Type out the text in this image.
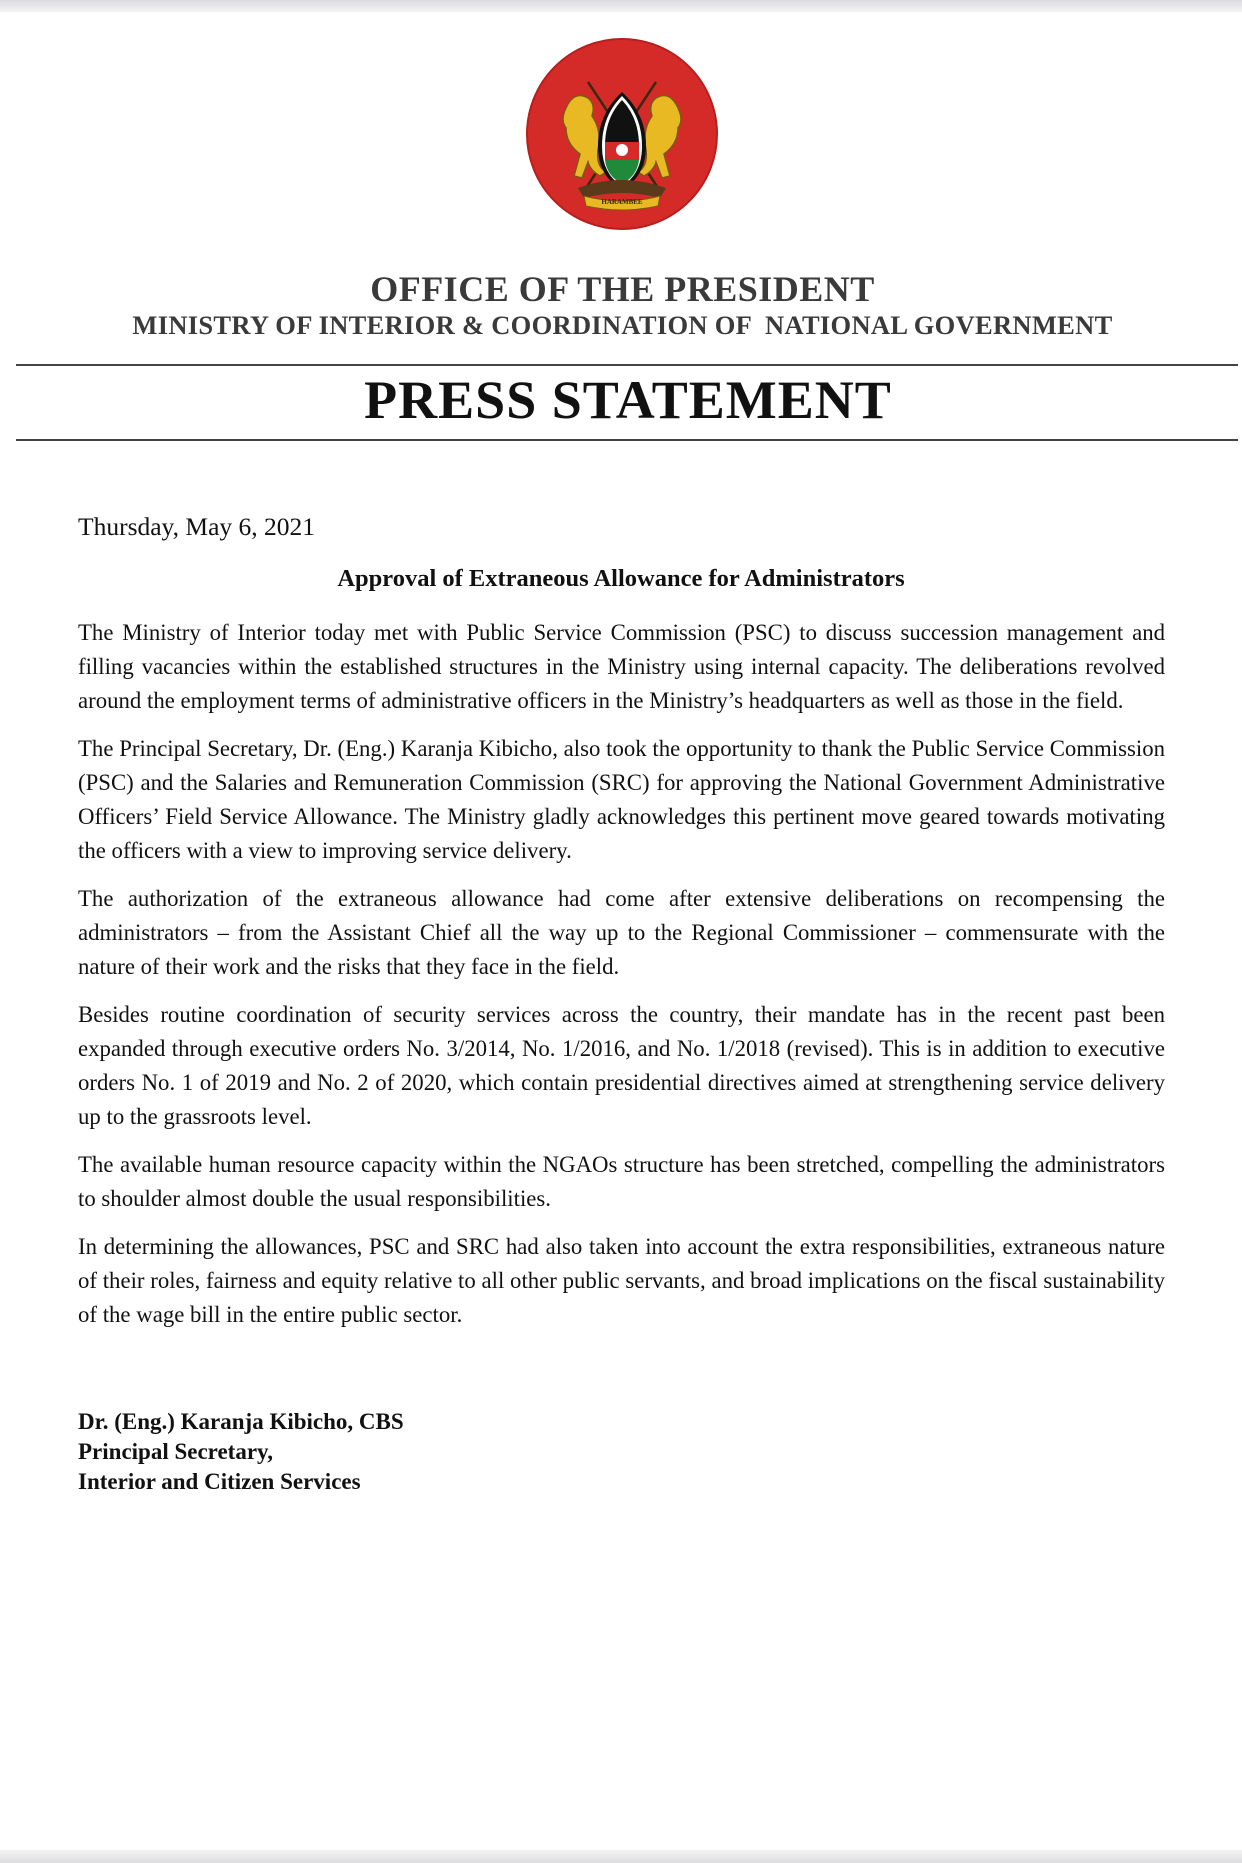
HARAMBEE
OFFICE OF THE PRESIDENT
MINISTRY OF INTERIOR & COORDINATION OF  NATIONAL GOVERNMENT
PRESS STATEMENT
Thursday, May 6, 2021
Approval of Extraneous Allowance for Administrators

The Ministry of Interior today met with Public Service Commission (PSC) to discuss succession management and filling vacancies within the established structures in the Ministry using internal capacity. The deliberations revolved around the employment terms of administrative officers in the Ministry’s headquarters as well as those in the field.

The Principal Secretary, Dr. (Eng.) Karanja Kibicho, also took the opportunity to thank the Public Service Commission (PSC) and the Salaries and Remuneration Commission (SRC) for approving the National Government Administrative Officers’ Field Service Allowance. The Ministry gladly acknowledges this pertinent move geared towards motivating the officers with a view to improving service delivery.

The authorization of the extraneous allowance had come after extensive deliberations on recompensing the administrators – from the Assistant Chief all the way up to the Regional Commissioner – commensurate with the nature of their work and the risks that they face in the field.

Besides routine coordination of security services across the country, their mandate has in the recent past been expanded through executive orders No. 3/2014, No. 1/2016, and No. 1/2018 (revised). This is in addition to executive orders No. 1 of 2019 and No. 2 of 2020, which contain presidential directives aimed at strengthening service delivery up to the grassroots level.

The available human resource capacity within the NGAOs structure has been stretched, compelling the administrators to shoulder almost double the usual responsibilities.

In determining the allowances, PSC and SRC had also taken into account the extra responsibilities, extraneous nature of their roles, fairness and equity relative to all other public servants, and broad implications on the fiscal sustainability of the wage bill in the entire public sector.

Dr. (Eng.) Karanja Kibicho, CBS
Principal Secretary,
Interior and Citizen Services
